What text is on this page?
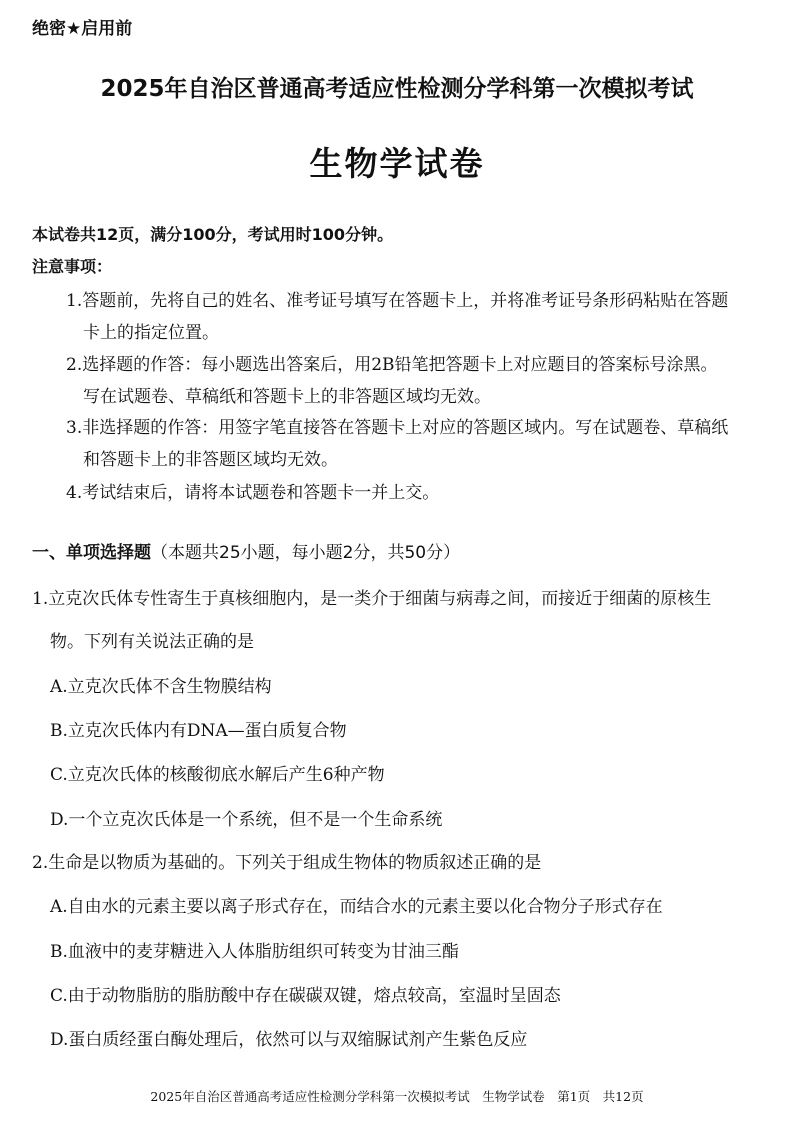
绝密★启用前
2025年自治区普通高考适应性检测分学科第一次模拟考试
生物学试卷
本试卷共12页，满分100分，考试用时100分钟。
注意事项：
1.答题前，先将自己的姓名、准考证号填写在答题卡上，并将准考证号条形码粘贴在答题
卡上的指定位置。
2.选择题的作答：每小题选出答案后，用2B铅笔把答题卡上对应题目的答案标号涂黑。
写在试题卷、草稿纸和答题卡上的非答题区域均无效。
3.非选择题的作答：用签字笔直接答在答题卡上对应的答题区域内。写在试题卷、草稿纸
和答题卡上的非答题区域均无效。
4.考试结束后，请将本试题卷和答题卡一并上交。
一、单项选择题（本题共25小题，每小题2分，共50分）
1.立克次氏体专性寄生于真核细胞内，是一类介于细菌与病毒之间，而接近于细菌的原核生
物。下列有关说法正确的是
A.立克次氏体不含生物膜结构
B.立克次氏体内有DNA—蛋白质复合物
C.立克次氏体的核酸彻底水解后产生6种产物
D.一个立克次氏体是一个系统，但不是一个生命系统
2.生命是以物质为基础的。下列关于组成生物体的物质叙述正确的是
A.自由水的元素主要以离子形式存在，而结合水的元素主要以化合物分子形式存在
B.血液中的麦芽糖进入人体脂肪组织可转变为甘油三酯
C.由于动物脂肪的脂肪酸中存在碳碳双键，熔点较高，室温时呈固态
D.蛋白质经蛋白酶处理后，依然可以与双缩脲试剂产生紫色反应
2025年自治区普通高考适应性检测分学科第一次模拟考试　生物学试卷　第1页　共12页
